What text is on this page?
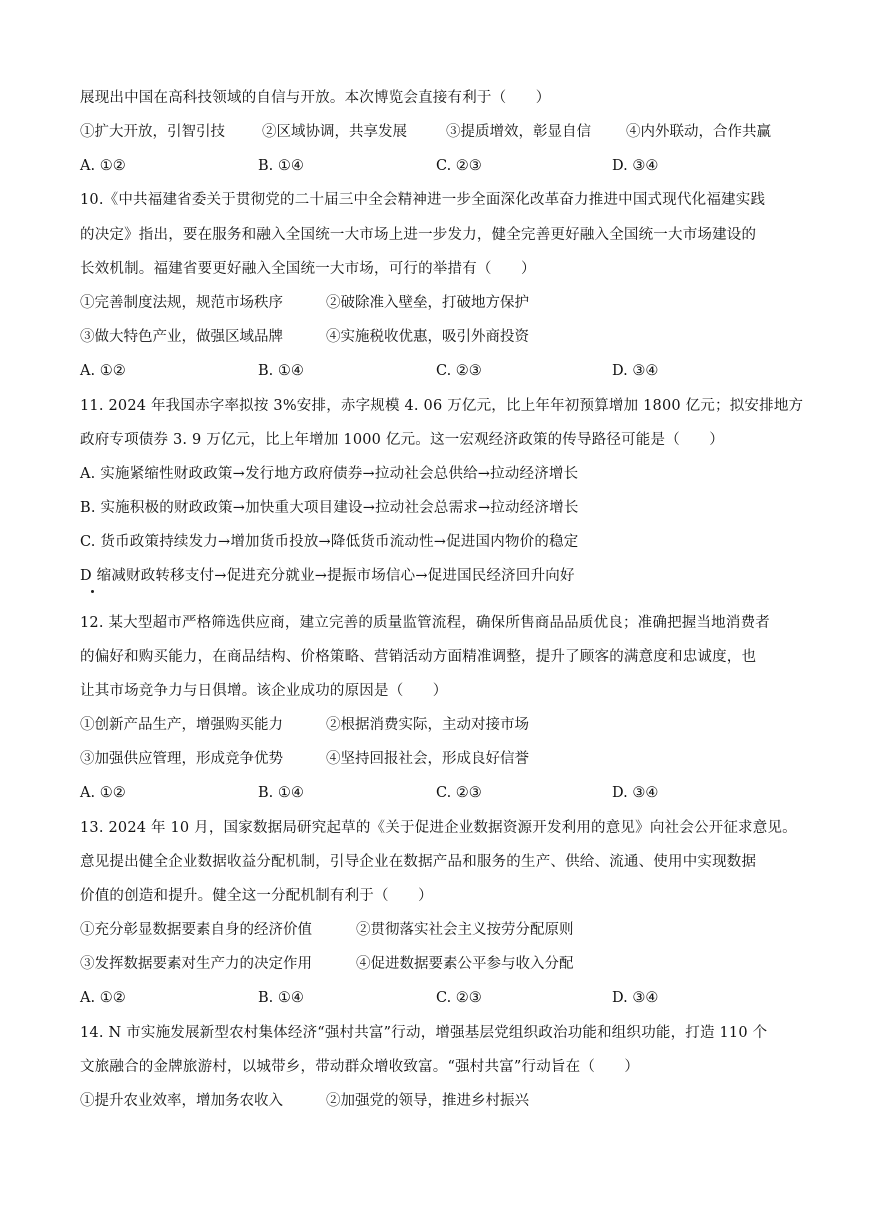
展现出中国在高科技领域的自信与开放。本次博览会直接有利于（　　）
①扩大开放，引智引技	②区域协调，共享发展	③提质增效，彰显自信 ④内外联动，合作共赢
A. ①②	B. ①④	C. ②③	D. ③④
10.《中共福建省委关于贯彻党的二十届三中全会精神进一步全面深化改革奋力推进中国式现代化福建实践
的决定》指出，要在服务和融入全国统一大市场上进一步发力，健全完善更好融入全国统一大市场建设的
长效机制。福建省要更好融入全国统一大市场，可行的举措有（　　）
①完善制度法规，规范市场秩序	②破除准入壁垒，打破地方保护
③做大特色产业，做强区域品牌	④实施税收优惠，吸引外商投资
A. ①②	B. ①④	C. ②③	D. ③④
11. 2024 年我国赤字率拟按 3%安排，赤字规模 4. 06 万亿元，比上年年初预算增加 1800 亿元；拟安排地方
政府专项债券 3. 9 万亿元，比上年增加 1000 亿元。这一宏观经济政策的传导路径可能是（　　）
A. 实施紧缩性财政政策→发行地方政府债券→拉动社会总供给→拉动经济增长
B. 实施积极的财政政策→加快重大项目建设→拉动社会总需求→拉动经济增长
C. 货币政策持续发力→增加货币投放→降低货币流动性→促进国内物价的稳定
D 缩减财政转移支付→促进充分就业→提振市场信心→促进国民经济回升向好
12. 某大型超市严格筛选供应商，建立完善的质量监管流程，确保所售商品品质优良；准确把握当地消费者
的偏好和购买能力，在商品结构、价格策略、营销活动方面精准调整，提升了顾客的满意度和忠诚度，也
让其市场竞争力与日俱增。该企业成功的原因是（　　）
①创新产品生产，增强购买能力	②根据消费实际，主动对接市场
③加强供应管理，形成竞争优势	④坚持回报社会，形成良好信誉
A. ①②	B. ①④	C. ②③	D. ③④
13. 2024 年 10 月，国家数据局研究起草的《关于促进企业数据资源开发利用的意见》向社会公开征求意见。
意见提出健全企业数据收益分配机制，引导企业在数据产品和服务的生产、供给、流通、使用中实现数据
价值的创造和提升。健全这一分配机制有利于（　　）
①充分彰显数据要素自身的经济价值	②贯彻落实社会主义按劳分配原则
③发挥数据要素对生产力的决定作用	④促进数据要素公平参与收入分配
A. ①②	B. ①④	C. ②③	D. ③④
14. N 市实施发展新型农村集体经济“强村共富”行动，增强基层党组织政治功能和组织功能，打造 110 个
文旅融合的金牌旅游村，以城带乡，带动群众增收致富。“强村共富”行动旨在（　　）
①提升农业效率，增加务农收入	②加强党的领导，推进乡村振兴
